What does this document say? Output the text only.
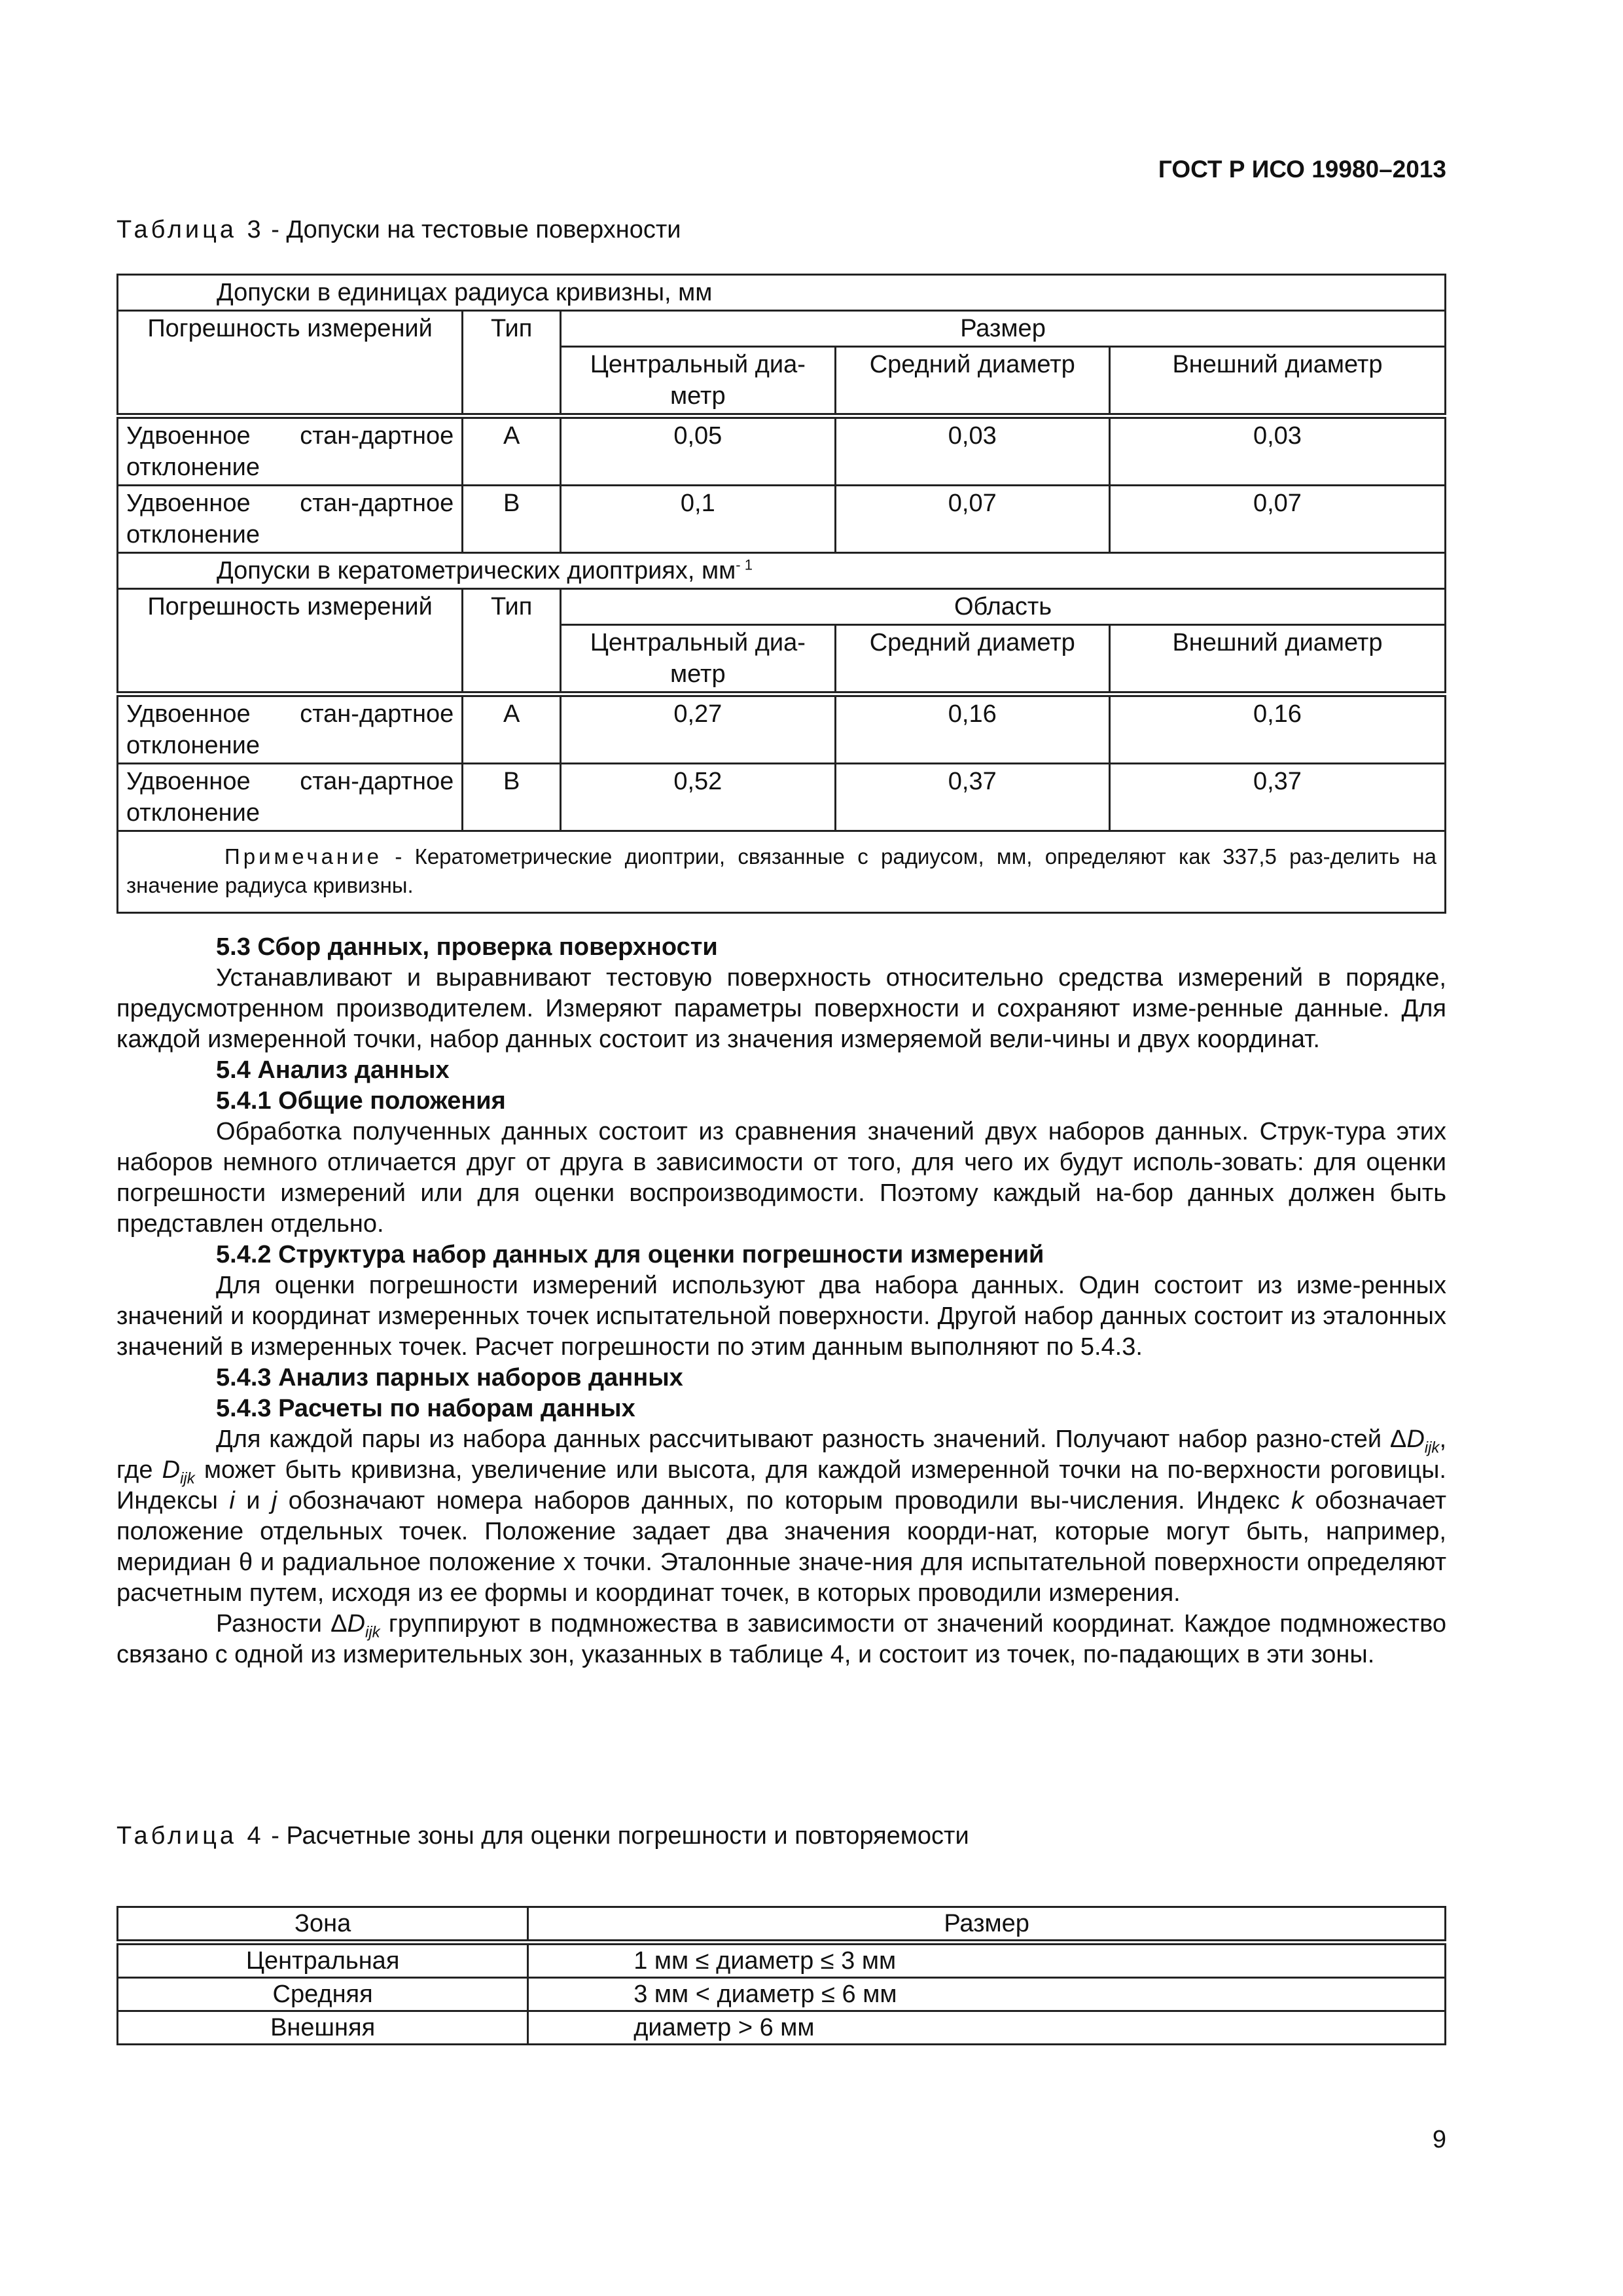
ГОСТ Р ИСО 19980–2013
Таблица 3 - Допуски на тестовые поверхности
Допуски в единицах радиуса кривизны, мм				
Погрешность измерений	Тип	Размер		
		Центральный диа-метр	Средний диаметр	Внешний диаметр
Удвоенное стан-дартное отклонение	А	0,05	0,03	0,03
Удвоенное стан-дартное отклонение	В	0,1	0,07	0,07
Допуски в кератометрических диоптриях, $мм^{- 1}$
Погрешность измерений	Тип	Область		
		Центральный диа-метр	Средний диаметр	Внешний диаметр
Удвоенное стан-дартное отклонение	А	0,27	0,16	0,16
Удвоенное стан-дартное отклонение	В	0,52	0,37	0,37
Примечание - Кератометрические диоптрии, связанные с радиусом, мм, определяют как 337,5 раз-делить на значение радиуса кривизны.				
5.3 Сбор данных, проверка поверхности

Устанавливают и выравнивают тестовую поверхность относительно средства измерений в порядке, предусмотренном производителем. Измеряют параметры поверхности и сохраняют изме-ренные данные. Для каждой измеренной точки, набор данных состоит из значения измеряемой вели-чины и двух координат.

5.4 Анализ данных
5.4.1 Общие положения

Обработка полученных данных состоит из сравнения значений двух наборов данных. Струк-тура этих наборов немного отличается друг от друга в зависимости от того, для чего их будут исполь-зовать: для оценки погрешности измерений или для оценки воспроизводимости. Поэтому каждый на-бор данных должен быть представлен отдельно.

5.4.2 Структура набор данных для оценки погрешности измерений

Для оценки погрешности измерений используют два набора данных. Один состоит из изме-ренных значений и координат измеренных точек испытательной поверхности. Другой набор данных состоит из эталонных значений в измеренных точек. Расчет погрешности по этим данным выполняют по 5.4.3.

5.4.3 Анализ парных наборов данных
5.4.3 Расчеты по наборам данных

Для каждой пары из набора данных рассчитывают разность значений. Получают набор разно-стей $\Delta D_{ijk}$, где $D_{ijk}$ может быть кривизна, увеличение или высота, для каждой измеренной точки на по-верхности роговицы. Индексы i и j обозначают номера наборов данных, по которым проводили вы-числения. Индекс k обозначает положение отдельных точек. Положение задает два значения коорди-нат, которые могут быть, например, меридиан θ и радиальное положение x точки. Эталонные значе-ния для испытательной поверхности определяют расчетным путем, исходя из ее формы и координат точек, в которых проводили измерения.

Разности $\Delta D_{ijk}$ группируют в подмножества в зависимости от значений координат. Каждое подмножество связано с одной из измерительных зон, указанных в таблице 4, и состоит из точек, по-падающих в эти зоны.

Таблица 4 - Расчетные зоны для оценки погрешности и повторяемости
Зона	Размер
Центральная	1 мм ≤ диаметр ≤ 3 мм
Средняя	3 мм < диаметр ≤ 6 мм
Внешняя	диаметр > 6 мм
9
